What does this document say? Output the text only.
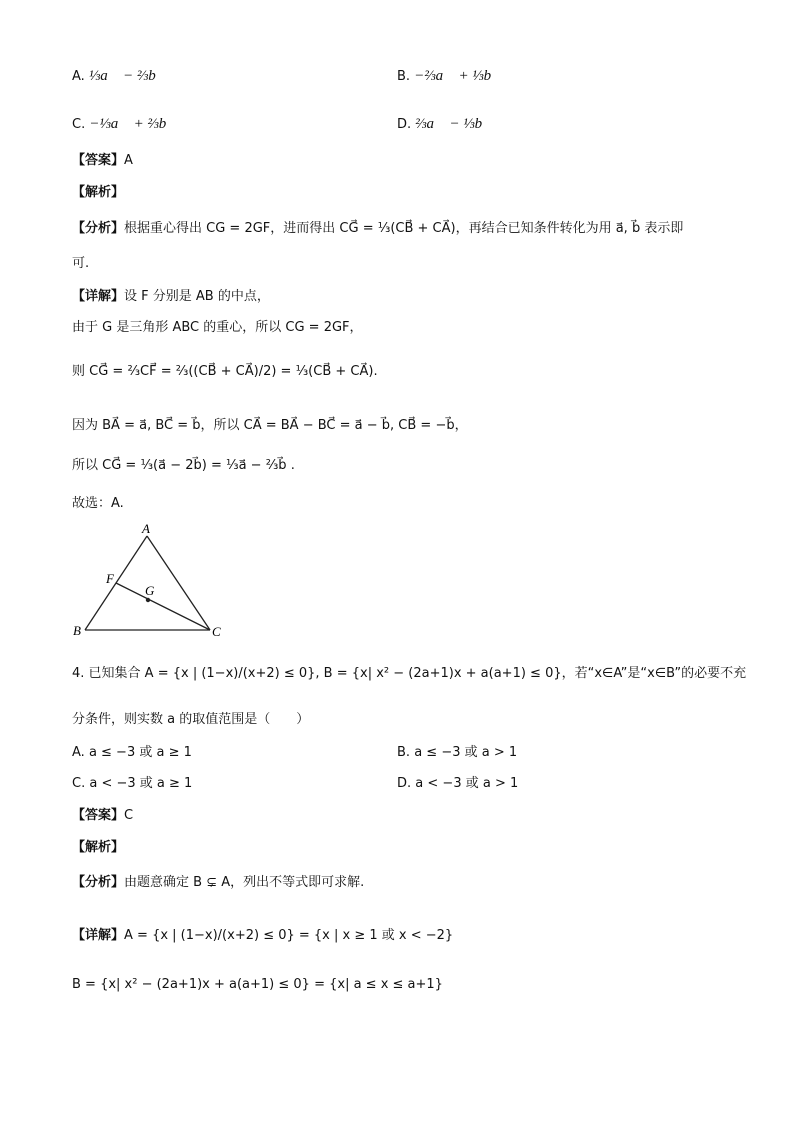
A. ⅓a⃗ − ⅔b⃗	B. −⅔a⃗ + ⅓b⃗
C. −⅓a⃗ + ⅔b⃗	D. ⅔a⃗ − ⅓b⃗
【答案】A
【解析】
【分析】根据重心得出 CG = 2GF，进而得出 CG⃗ = ⅓(CB⃗ + CA⃗)，再结合已知条件转化为用 a⃗, b⃗ 表示即
可.
【详解】设 F 分别是 AB 的中点，
由于 G 是三角形 ABC 的重心，所以 CG = 2GF，
则 CG⃗ = ⅔CF⃗ = ⅔((CB⃗ + CA⃗)/2) = ⅓(CB⃗ + CA⃗).
因为 BA⃗ = a⃗, BC⃗ = b⃗，所以 CA⃗ = BA⃗ − BC⃗ = a⃗ − b⃗, CB⃗ = −b⃗，
所以 CG⃗ = ⅓(a⃗ − 2b⃗) = ⅓a⃗ − ⅔b⃗ .
故选：A.
A
B	C
F
G
4. 已知集合 A = {x | (1−x)/(x+2) ≤ 0}, B = {x| x² − (2a+1)x + a(a+1) ≤ 0}，若“x∈A”是“x∈B”的必要不充
分条件，则实数 a 的取值范围是（　　）
A. a ≤ −3 或 a ≥ 1	B. a ≤ −3 或 a > 1
C. a < −3 或 a ≥ 1	D. a < −3 或 a > 1
【答案】C
【解析】
【分析】由题意确定 B ⊊ A，列出不等式即可求解.
【详解】A = {x | (1−x)/(x+2) ≤ 0} = {x | x ≥ 1 或 x < −2}
B = {x| x² − (2a+1)x + a(a+1) ≤ 0} = {x| a ≤ x ≤ a+1}
